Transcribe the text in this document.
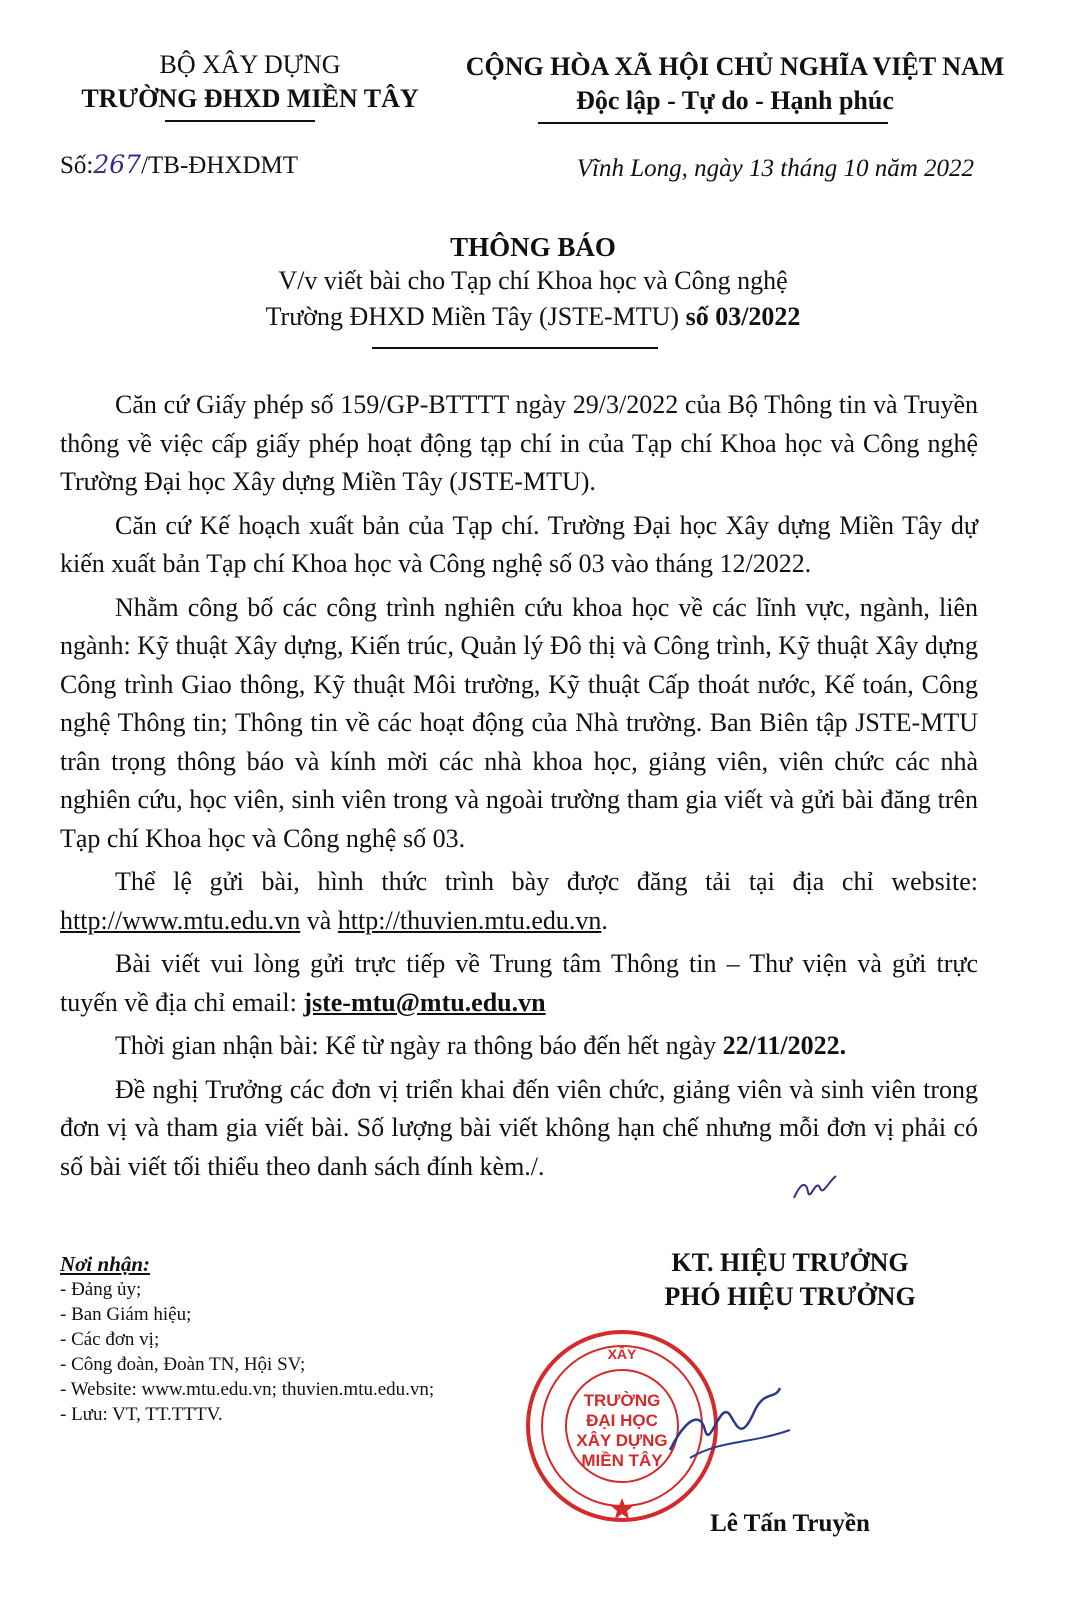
BỘ XÂY DỰNG
TRƯỜNG ĐHXD MIỀN TÂY
CỘNG HÒA XÃ HỘI CHỦ NGHĨA VIỆT NAM
Độc lập - Tự do - Hạnh phúc
Số:267/TB-ĐHXDMT	Vĩnh Long, ngày 13 tháng 10 năm 2022
THÔNG BÁO
V/v viết bài cho Tạp chí Khoa học và Công nghệ
Trường ĐHXD Miền Tây (JSTE-MTU) số 03/2022

Căn cứ Giấy phép số 159/GP-BTTTT ngày 29/3/2022 của Bộ Thông tin và Truyền thông về việc cấp giấy phép hoạt động tạp chí in của Tạp chí Khoa học và Công nghệ Trường Đại học Xây dựng Miền Tây (JSTE-MTU).

Căn cứ Kế hoạch xuất bản của Tạp chí. Trường Đại học Xây dựng Miền Tây dự kiến xuất bản Tạp chí Khoa học và Công nghệ số 03 vào tháng 12/2022.

Nhằm công bố các công trình nghiên cứu khoa học về các lĩnh vực, ngành, liên ngành: Kỹ thuật Xây dựng, Kiến trúc, Quản lý Đô thị và Công trình, Kỹ thuật Xây dựng Công trình Giao thông, Kỹ thuật Môi trường, Kỹ thuật Cấp thoát nước, Kế toán, Công nghệ Thông tin; Thông tin về các hoạt động của Nhà trường. Ban Biên tập JSTE-MTU trân trọng thông báo và kính mời các nhà khoa học, giảng viên, viên chức các nhà nghiên cứu, học viên, sinh viên trong và ngoài trường tham gia viết và gửi bài đăng trên Tạp chí Khoa học và Công nghệ số 03.

Thể lệ gửi bài, hình thức trình bày được đăng tải tại địa chỉ website: http://www.mtu.edu.vn và http://thuvien.mtu.edu.vn.

Bài viết vui lòng gửi trực tiếp về Trung tâm Thông tin – Thư viện và gửi trực tuyến về địa chỉ email: jste-mtu@mtu.edu.vn

Thời gian nhận bài: Kể từ ngày ra thông báo đến hết ngày 22/11/2022.

Đề nghị Trưởng các đơn vị triển khai đến viên chức, giảng viên và sinh viên trong đơn vị và tham gia viết bài. Số lượng bài viết không hạn chế nhưng mỗi đơn vị phải có số bài viết tối thiểu theo danh sách đính kèm./.

Nơi nhận:
- Đảng ủy;
- Ban Giám hiệu;
- Các đơn vị;
- Công đoàn, Đoàn TN, Hội SV;
- Website: www.mtu.edu.vn; thuvien.mtu.edu.vn;
- Lưu: VT, TT.TTTV.
KT. HIỆU TRƯỞNG
PHÓ HIỆU TRƯỞNG
XÂY
TRƯỜNG
ĐẠI HỌC
XÂY DỰNG
MIỀN TÂY
Lê Tấn Truyền
